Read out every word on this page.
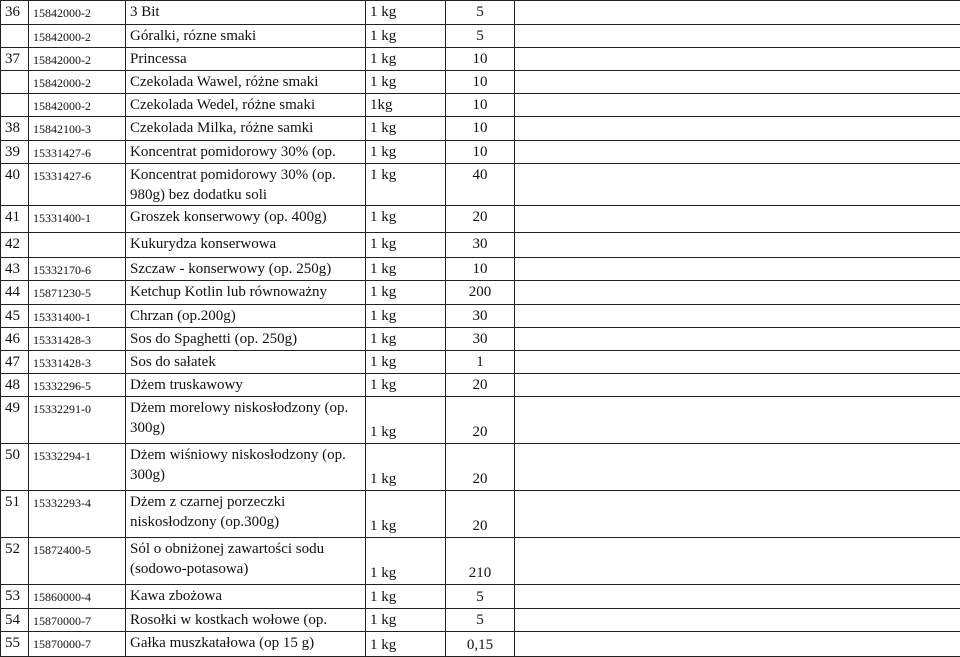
36	15842000-2	3 Bit	1 kg	5	
	15842000-2	Góralki, rózne smaki	1 kg	5	
37	15842000-2	Princessa	1 kg	10	
	15842000-2	Czekolada Wawel, różne smaki	1 kg	10	
	15842000-2	Czekolada Wedel, różne smaki	1kg	10	
38	15842100-3	Czekolada Milka, różne samki	1 kg	10	
39	15331427-6	Koncentrat pomidorowy 30% (op.	1 kg	10	
40	15331427-6	Koncentrat pomidorowy 30% (op.
980g) bez dodatku soli	1 kg	40	
41	15331400-1	Groszek konserwowy (op. 400g)	1 kg	20	
42		Kukurydza konserwowa	1 kg	30	
43	15332170-6	Szczaw - konserwowy (op. 250g)	1 kg	10	
44	15871230-5	Ketchup Kotlin lub równoważny	1 kg	200	
45	15331400-1	Chrzan (op.200g)	1 kg	30	
46	15331428-3	Sos do Spaghetti (op. 250g)	1 kg	30	
47	15331428-3	Sos do sałatek	1 kg	1	
48	15332296-5	Dżem truskawowy	1 kg	20	
49	15332291-0	Dżem morelowy niskosłodzony (op.
300g)	1 kg	20	
50	15332294-1	Dżem wiśniowy niskosłodzony (op.
300g)	1 kg	20	
51	15332293-4	Dżem z czarnej porzeczki
niskosłodzony (op.300g)	1 kg	20	
52	15872400-5	Sól o obniżonej zawartości sodu
(sodowo-potasowa)	1 kg	210	
53	15860000-4	Kawa zbożowa	1 kg	5	
54	15870000-7	Rosołki w kostkach wołowe (op.	1 kg	5	
55	15870000-7	Gałka muszkatałowa (op 15 g)	1 kg	0,15	
